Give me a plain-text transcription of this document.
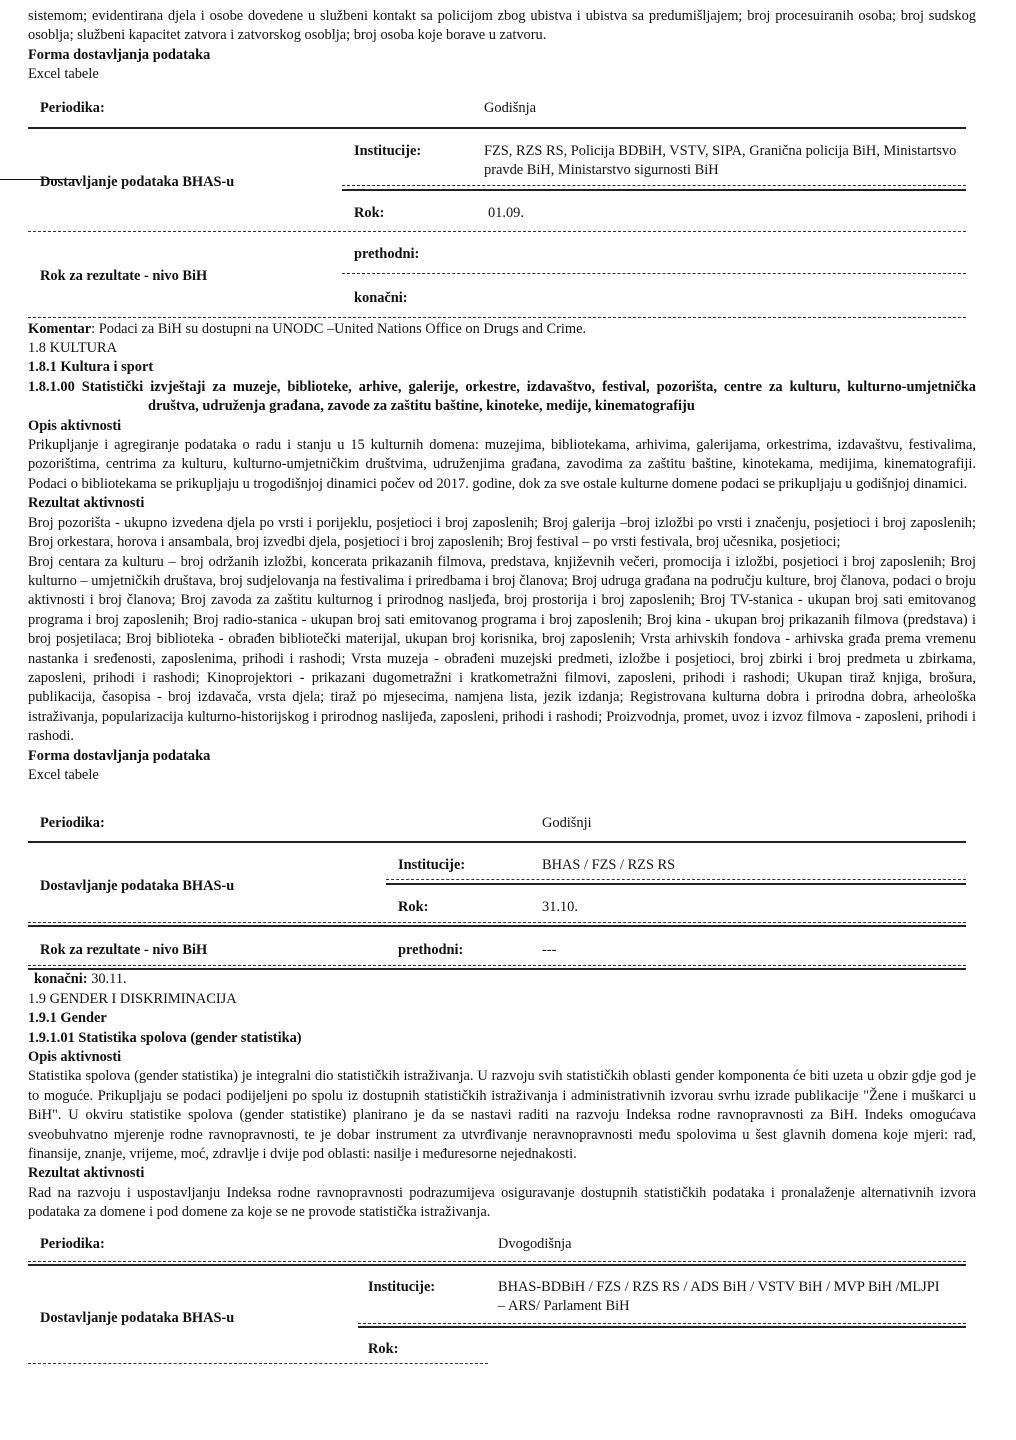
sistemom; evidentirana djela i osobe dovedene u službeni kontakt sa policijom zbog ubistva i ubistva sa predumišljajem; broj procesuiranih osoba; broj sudskog osoblja; službeni kapacitet zatvora i zatvorskog osoblja; broj osoba koje borave u zatvoru.

Forma dostavljanja podataka

Excel tabele

Periodika:	Godišnja
Institucije:	FZS, RZS RS, Policija BDBiH, VSTV, SIPA, Granična policija BiH, Ministartsvo pravde BiH, Ministarstvo sigurnosti BiH
Dostavljanje podataka BHAS-u
Rok:	01.09.
prethodni:
Rok za rezultate - nivo BiH
konačni:

Komentar: Podaci za BiH su dostupni na UNODC –United Nations Office on Drugs and Crime.

1.8 KULTURA

1.8.1 Kultura i sport

1.8.1.00 Statistički izvještaji za muzeje, biblioteke, arhive, galerije, orkestre, izdavaštvo, festival, pozorišta, centre za kulturu, kulturno-umjetnička društva, udruženja građana, zavode za zaštitu baštine, kinoteke, medije, kinematografiju

Opis aktivnosti

Prikupljanje i agregiranje podataka o radu i stanju u 15 kulturnih domena: muzejima, bibliotekama, arhivima, galerijama, orkestrima, izdavaštvu, festivalima, pozorištima, centrima za kulturu, kulturno-umjetničkim društvima, udruženjima građana, zavodima za zaštitu baštine, kinotekama, medijima, kinematografiji. Podaci o bibliotekama se prikupljaju u trogodišnjoj dinamici počev od 2017. godine, dok za sve ostale kulturne domene podaci se prikupljaju u godišnjoj dinamici.

Rezultat aktivnosti

Broj pozorišta - ukupno izvedena djela po vrsti i porijeklu, posjetioci i broj zaposlenih; Broj galerija –broj izložbi po vrsti i značenju, posjetioci i broj zaposlenih; Broj orkestara, horova i ansambala, broj izvedbi djela, posjetioci i broj zaposlenih; Broj festival – po vrsti festivala, broj učesnika, posjetioci;

Broj centara za kulturu – broj održanih izložbi, koncerata prikazanih filmova, predstava, književnih večeri, promocija i izložbi, posjetioci i broj zaposlenih; Broj kulturno – umjetničkih društava, broj sudjelovanja na festivalima i priredbama i broj članova; Broj udruga građana na području kulture, broj članova, podaci o broju aktivnosti i broj članova; Broj zavoda za zaštitu kulturnog i prirodnog nasljeđa, broj prostorija i broj zaposlenih; Broj TV-stanica - ukupan broj sati emitovanog programa i broj zaposlenih; Broj radio-stanica - ukupan broj sati emitovanog programa i broj zaposlenih; Broj kina - ukupan broj prikazanih filmova (predstava) i broj posjetilaca; Broj biblioteka - obrađen bibliotečki materijal, ukupan broj korisnika, broj zaposlenih; Vrsta arhivskih fondova - arhivska građa prema vremenu nastanka i sređenosti, zaposlenima, prihodi i rashodi; Vrsta muzeja - obrađeni muzejski predmeti, izložbe i posjetioci, broj zbirki i broj predmeta u zbirkama, zaposleni, prihodi i rashodi; Kinoprojektori - prikazani dugometražni i kratkometražni filmovi, zaposleni, prihodi i rashodi; Ukupan tiraž knjiga, brošura, publikacija, časopisa - broj izdavača, vrsta djela; tiraž po mjesecima, namjena lista, jezik izdanja; Registrovana kulturna dobra i prirodna dobra, arheološka istraživanja, popularizacija kulturno-historijskog i prirodnog naslijeđa, zaposleni, prihodi i rashodi; Proizvodnja, promet, uvoz i izvoz filmova - zaposleni, prihodi i rashodi.

Forma dostavljanja podataka

Excel tabele

Periodika:	Godišnji
Institucije:	BHAS / FZS / RZS RS
Dostavljanje podataka BHAS-u
Rok:	31.10.
Rok za rezultate - nivo BiH	prethodni:	---

konačni: 30.11.

1.9 GENDER I DISKRIMINACIJA

1.9.1 Gender

1.9.1.01 Statistika spolova (gender statistika)

Opis aktivnosti

Statistika spolova (gender statistika) je integralni dio statističkih istraživanja. U razvoju svih statističkih oblasti gender komponenta će biti uzeta u obzir gdje god je to moguće. Prikupljaju se podaci podijeljeni po spolu iz dostupnih statističkih istraživanja i administrativnih izvorau svrhu izrade publikacije "Žene i muškarci u BiH". U okviru statistike spolova (gender statistike) planirano je da se nastavi raditi na razvoju Indeksa rodne ravnopravnosti za BiH. Indeks omogućava sveobuhvatno mjerenje rodne ravnopravnosti, te je dobar instrument za utvrđivanje neravnopravnosti među spolovima u šest glavnih domena koje mjeri: rad, finansije, znanje, vrijeme, moć, zdravlje i dvije pod oblasti: nasilje i međuresorne nejednakosti.

Rezultat aktivnosti

Rad na razvoju i uspostavljanju Indeksa rodne ravnopravnosti podrazumijeva osiguravanje dostupnih statističkih podataka i pronalaženje alternativnih izvora podataka za domene i pod domene za koje se ne provode statistička istraživanja.

Periodika:	Dvogodišnja
Institucije:	BHAS-BDBiH / FZS / RZS RS / ADS BiH / VSTV BiH / MVP BiH /MLJPI – ARS/ Parlament BiH
Dostavljanje podataka BHAS-u
Rok:
